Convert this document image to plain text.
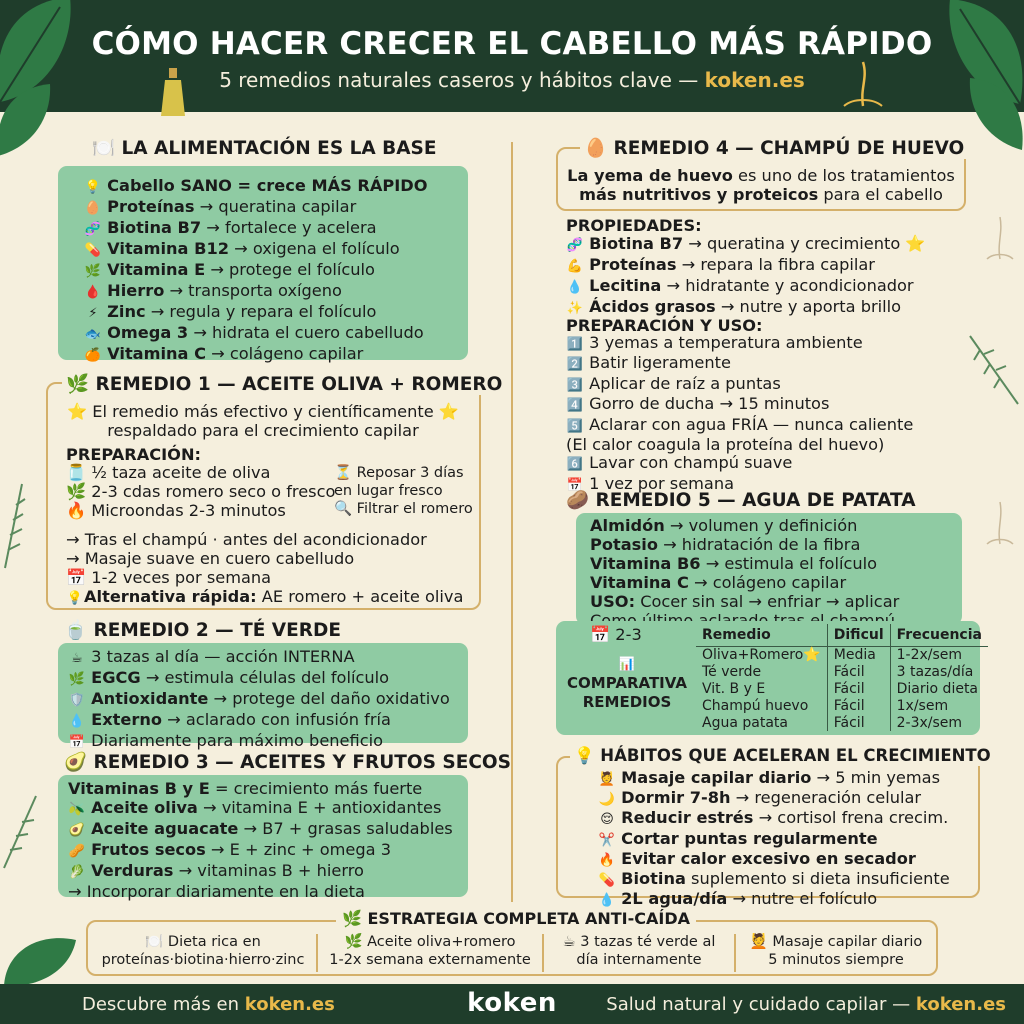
CÓMO HACER CRECER EL CABELLO MÁS RÁPIDO
5 remedios naturales caseros y hábitos clave — koken.es
🍽️ LA ALIMENTACIÓN ES LA BASE
💡 Cabello SANO = crece MÁS RÁPIDO
🥚 Proteínas → queratina capilar
🧬 Biotina B7 → fortalece y acelera
💊 Vitamina B12 → oxigena el folículo
🌿 Vitamina E → protege el folículo
🩸 Hierro → transporta oxígeno
⚡ Zinc → regula y repara el folículo
🐟 Omega 3 → hidrata el cuero cabelludo
🍊 Vitamina C → colágeno capilar
🌿 REMEDIO 1 — ACEITE OLIVA + ROMERO
⭐ El remedio más efectivo y científicamente ⭐
respaldado para el crecimiento capilar
PREPARACIÓN:
🫙 ½ taza aceite de oliva
🌿 2-3 cdas romero seco o fresco
🔥 Microondas 2-3 minutos
⏳ Reposar 3 días
en lugar fresco
🔍 Filtrar el romero
→ Tras el champú · antes del acondicionador
→ Masaje suave en cuero cabelludo
📅 1-2 veces por semana
💡Alternativa rápida: AE romero + aceite oliva
🍵 REMEDIO 2 — TÉ VERDE
☕ 3 tazas al día — acción INTERNA
🌿 EGCG → estimula células del folículo
🛡️ Antioxidante → protege del daño oxidativo
💧 Externo → aclarado con infusión fría
📅 Diariamente para máximo beneficio
🥑 REMEDIO 3 — ACEITES Y FRUTOS SECOS
Vitaminas B y E = crecimiento más fuerte
🫒 Aceite oliva → vitamina E + antioxidantes
🥑 Aceite aguacate → B7 + grasas saludables
🥜 Frutos secos → E + zinc + omega 3
🥬 Verduras → vitaminas B + hierro
→ Incorporar diariamente en la dieta
🥚 REMEDIO 4 — CHAMPÚ DE HUEVO
La yema de huevo es uno de los tratamientos
más nutritivos y proteicos para el cabello
PROPIEDADES:
🧬 Biotina B7 → queratina y crecimiento ⭐
💪 Proteínas → repara la fibra capilar
💧 Lecitina → hidratante y acondicionador
✨ Ácidos grasos → nutre y aporta brillo
PREPARACIÓN Y USO:
1️⃣ 3 yemas a temperatura ambiente
2️⃣ Batir ligeramente
3️⃣ Aplicar de raíz a puntas
4️⃣ Gorro de ducha → 15 minutos
5️⃣ Aclarar con agua FRÍA — nunca caliente
(El calor coagula la proteína del huevo)
6️⃣ Lavar con champú suave
📅 1 vez por semana
🥔 REMEDIO 5 — AGUA DE PATATA
Almidón → volumen y definición
Potasio → hidratación de la fibra
Vitamina B6 → estimula el folículo
Vitamina C → colágeno capilar
USO: Cocer sin sal → enfriar → aplicar
📅 2-3
📊
COMPARATIVA
REMEDIOS
Remedio	Dificul	Frecuencia
Oliva+Romero⭐	Media	1-2x/sem
Té verde	Fácil	3 tazas/día
Vit. B y E	Fácil	Diario dieta
Champú huevo	Fácil	1x/sem
Agua patata	Fácil	2-3x/sem
💡 HÁBITOS QUE ACELERAN EL CRECIMIENTO
💆 Masaje capilar diario → 5 min yemas
🌙 Dormir 7-8h → regeneración celular
😌 Reducir estrés → cortisol frena crecim.
✂️ Cortar puntas regularmente
🔥 Evitar calor excesivo en secador
💊 Biotina suplemento si dieta insuficiente
💧 2L agua/día → nutre el folículo
🌿 ESTRATEGIA COMPLETA ANTI-CAÍDA
🍽️ Dieta rica en
proteínas·biotina·hierro·zinc
🌿 Aceite oliva+romero
1-2x semana externamente
☕ 3 tazas té verde al
día internamente
💆 Masaje capilar diario
5 minutos siempre
Descubre más en koken.es	koken	Salud natural y cuidado capilar — koken.es
